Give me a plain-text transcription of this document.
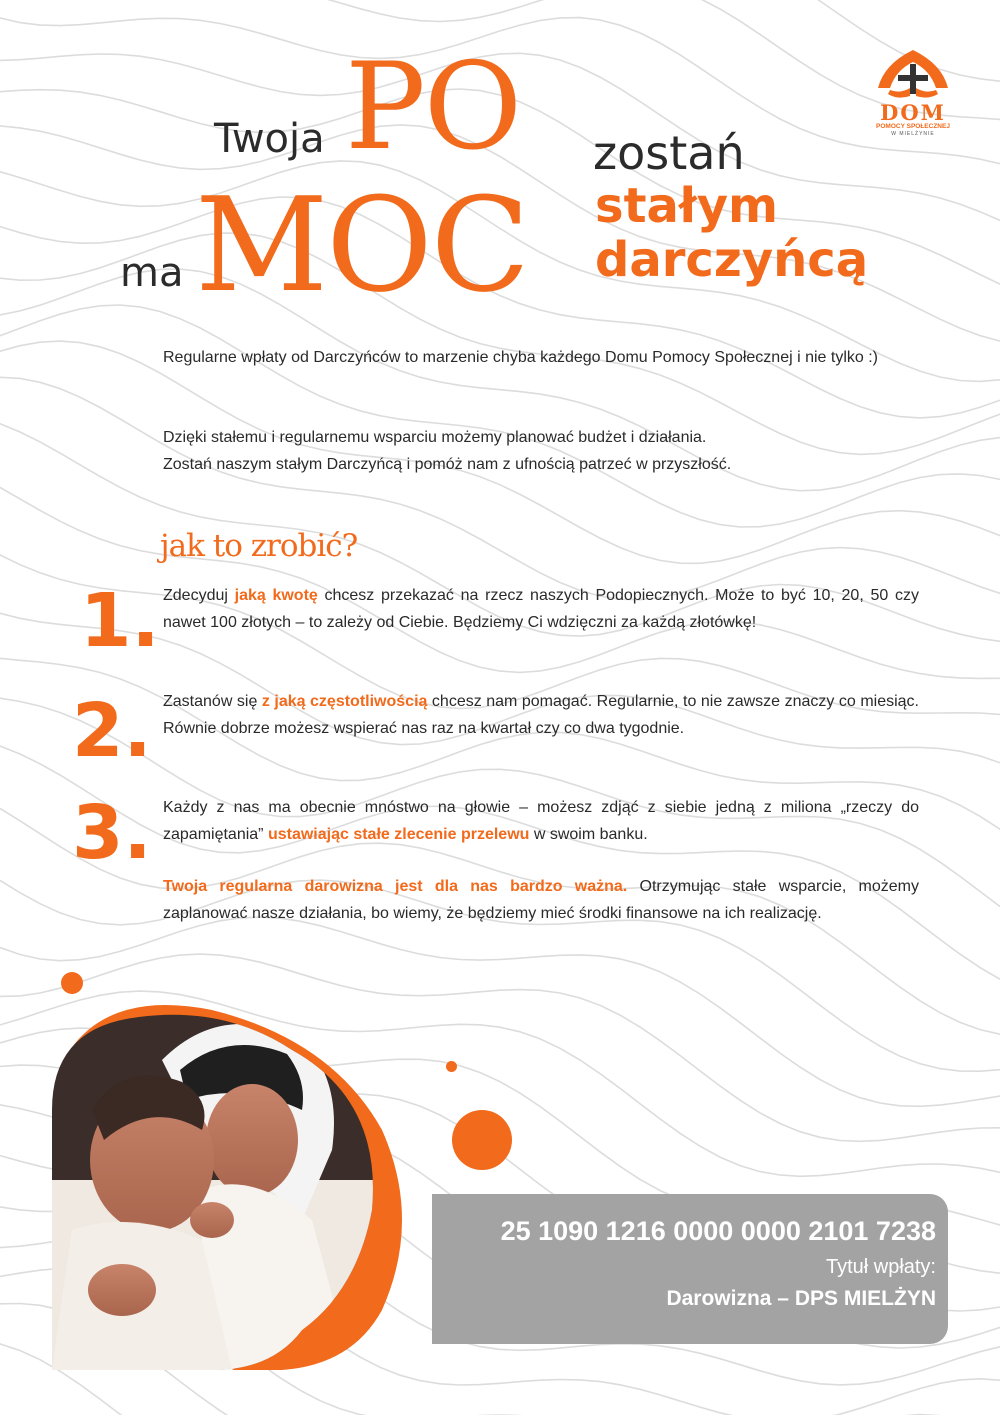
Twoja PO
ma MOC
zostań
stałym
darczyńcą
DOM
POMOCY SPOŁECZNEJ
W MIELŻYNIE
Regularne wpłaty od Darczyńców to marzenie chyba każdego Domu Pomocy Społecznej i nie tylko :)
Dzięki stałemu i regularnemu wsparciu możemy planować budżet i działania.
Zostań naszym stałym Darczyńcą i pomóż nam z ufnością patrzeć w przyszłość.
jak to zrobić?
1. Zdecyduj jaką kwotę chcesz przekazać na rzecz naszych Podopiecznych. Może to być 10, 20, 50 czy nawet 100 złotych – to zależy od Ciebie. Będziemy Ci wdzięczni za każdą złotówkę!
2. Zastanów się z jaką częstotliwością chcesz nam pomagać. Regularnie, to nie zawsze znaczy co miesiąc. Równie dobrze możesz wspierać nas raz na kwartał czy co dwa tygodnie.
3. Każdy z nas ma obecnie mnóstwo na głowie – możesz zdjąć z siebie jedną z miliona „rzeczy do zapamiętania” ustawiając stałe zlecenie przelewu w swoim banku.
Twoja regularna darowizna jest dla nas bardzo ważna. Otrzymując stałe wsparcie, możemy zaplanować nasze działania, bo wiemy, że będziemy mieć środki finansowe na ich realizację.
25 1090 1216 0000 0000 2101 7238
Tytuł wpłaty:
Darowizna – DPS MIELŻYN
